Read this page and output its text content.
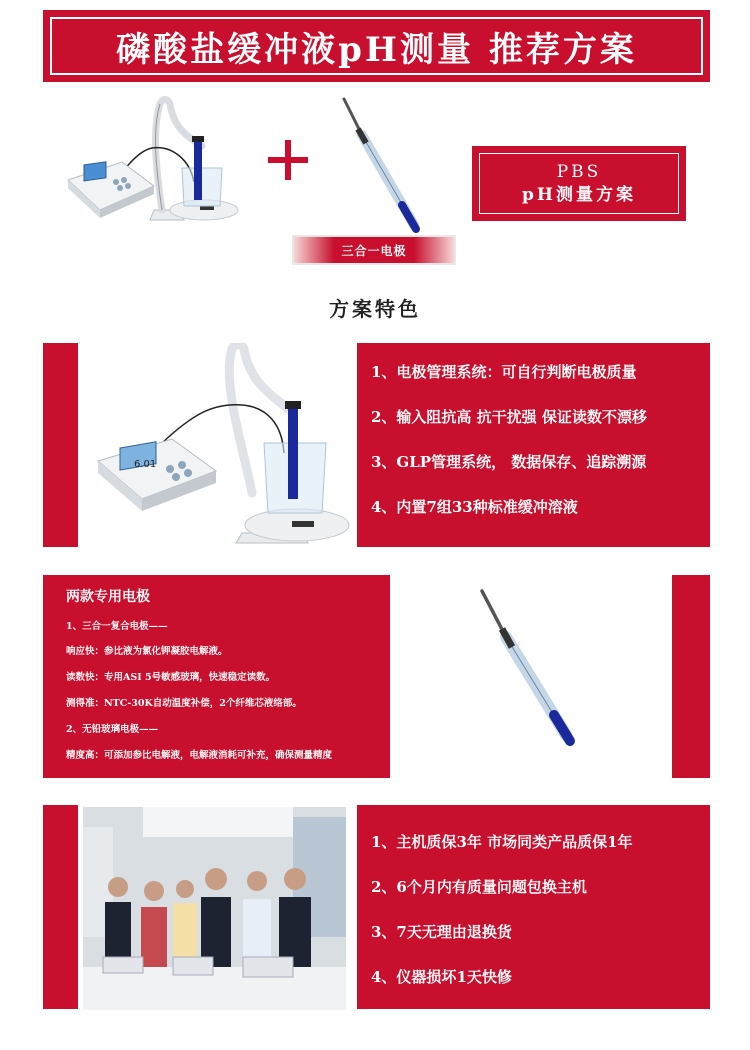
磷酸盐缓冲液pH测量 推荐方案
三合一电极
PBS
pH测量方案
方案特色
6.01
1、电极管理系统：可自行判断电极质量
2、输入阻抗高 抗干扰强 保证读数不漂移
3、GLP管理系统， 数据保存、追踪溯源
4、内置7组33种标准缓冲溶液
两款专用电极
1、三合一复合电极——
响应快：参比液为氯化钾凝胶电解液。
读数快：专用ASI 5号敏感玻璃，快速稳定读数。
测得准：NTC-30K自动温度补偿，2个纤维芯液络部。
2、无铅玻璃电极——
精度高：可添加参比电解液，电解液消耗可补充，确保测量精度
1、主机质保3年 市场同类产品质保1年
2、6个月内有质量问题包换主机
3、7天无理由退换货
4、仪器损坏1天快修
